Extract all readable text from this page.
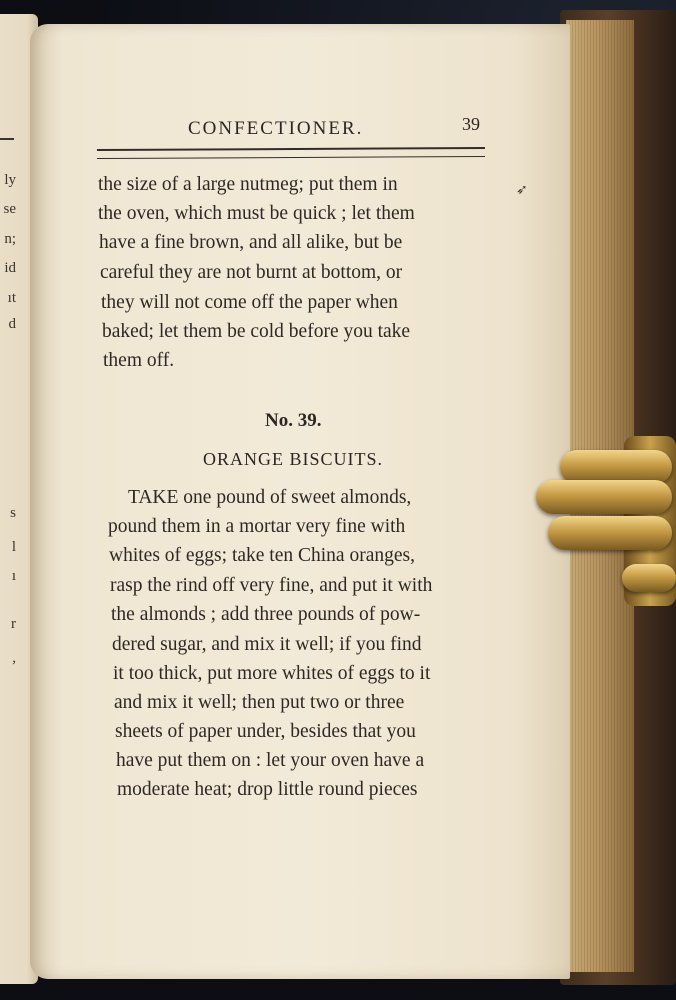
ly
se
n;
id
ıt
d
s
l
ı
r
,
CONFECTIONER.	39
the size of a large nutmeg; put them in
the oven, which must be quick ; let them
have a fine brown, and all alike, but be
careful they are not burnt at bottom, or
they will not come off the paper when
baked; let them be cold before you take
them off.
No. 39.
ORANGE BISCUITS.
TAKE one pound of sweet almonds,
pound them in a mortar very fine with
whites of eggs; take ten China oranges,
rasp the rind off very fine, and put it with
the almonds ; add three pounds of pow-
dered sugar, and mix it well; if you find
it too thick, put more whites of eggs to it
and mix it well; then put two or three
sheets of paper under, besides that you
have put them on : let your oven have a
moderate heat; drop little round pieces
➶
